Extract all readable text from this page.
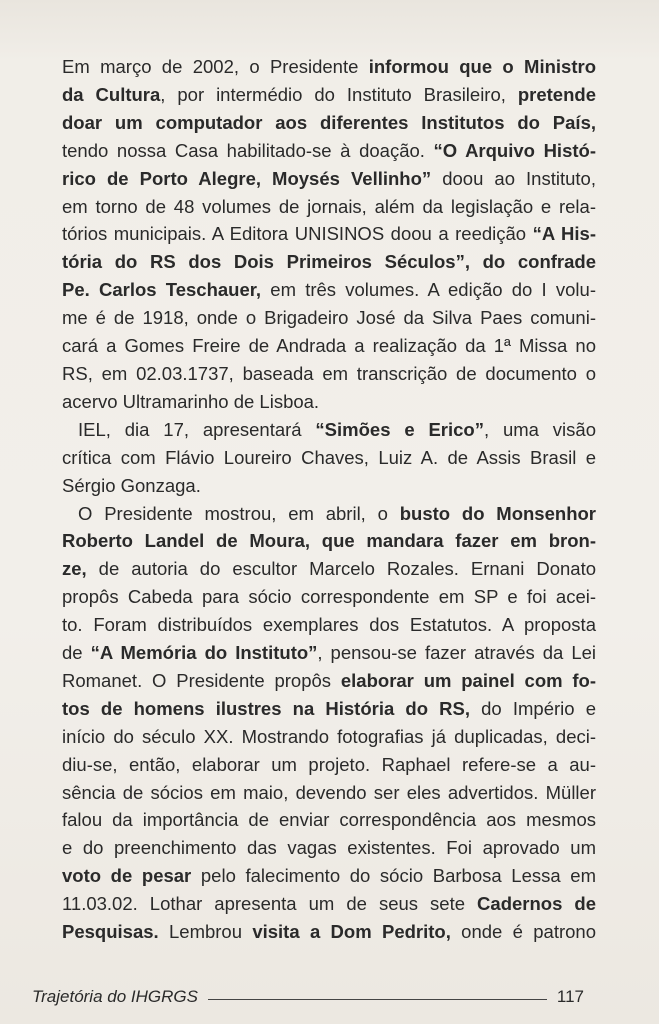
Em março de 2002, o Presidente informou que o Ministro
da Cultura, por intermédio do Instituto Brasileiro, pretende
doar um computador aos diferentes Institutos do País,
tendo nossa Casa habilitado-se à doação. “O Arquivo Histó-
rico de Porto Alegre, Moysés Vellinho” doou ao Instituto,
em torno de 48 volumes de jornais, além da legislação e rela-
tórios municipais. A Editora UNISINOS doou a reedição “A His-
tória do RS dos Dois Primeiros Séculos”, do confrade
Pe. Carlos Teschauer, em três volumes. A edição do I volu-
me é de 1918, onde o Brigadeiro José da Silva Paes comuni-
cará a Gomes Freire de Andrada a realização da 1ª Missa no
RS, em 02.03.1737, baseada em transcrição de documento o
acervo Ultramarinho de Lisboa.
IEL, dia 17, apresentará “Simões e Erico”, uma visão
crítica com Flávio Loureiro Chaves, Luiz A. de Assis Brasil e
Sérgio Gonzaga.
O Presidente mostrou, em abril, o busto do Monsenhor
Roberto Landel de Moura, que mandara fazer em bron-
ze, de autoria do escultor Marcelo Rozales. Ernani Donato
propôs Cabeda para sócio correspondente em SP e foi acei-
to. Foram distribuídos exemplares dos Estatutos. A proposta
de “A Memória do Instituto”, pensou-se fazer através da Lei
Romanet. O Presidente propôs elaborar um painel com fo-
tos de homens ilustres na História do RS, do Império e
início do século XX. Mostrando fotografias já duplicadas, deci-
diu-se, então, elaborar um projeto. Raphael refere-se a au-
sência de sócios em maio, devendo ser eles advertidos. Müller
falou da importância de enviar correspondência aos mesmos
e do preenchimento das vagas existentes. Foi aprovado um
voto de pesar pelo falecimento do sócio Barbosa Lessa em
11.03.02. Lothar apresenta um de seus sete Cadernos de
Pesquisas. Lembrou visita a Dom Pedrito, onde é patrono
Trajetória do IHGRGS	117
